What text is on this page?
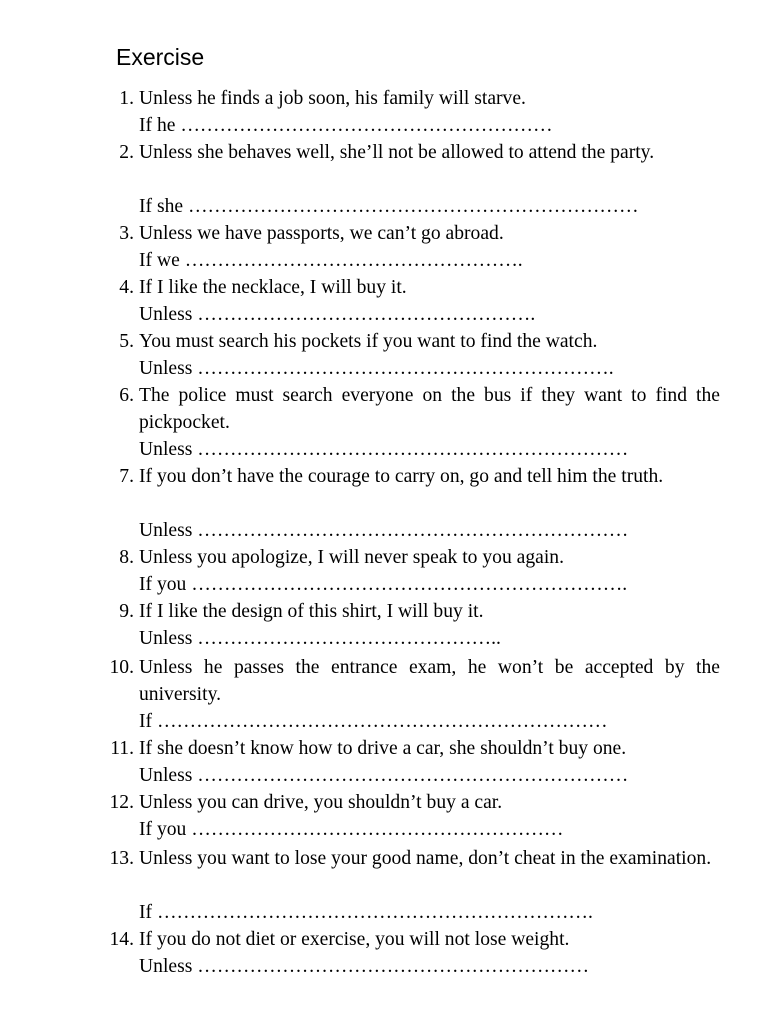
Exercise
1. Unless he finds a job soon, his family will starve.
If he …………………………………………………
2. Unless she behaves well, she’ll not be allowed to attend the party.
If she ……………………………………………………………
3. Unless we have passports, we can’t go abroad.
If we …………………………………………….
4. If I like the necklace, I will buy it.
Unless …………………………………………….
5. You must search his pockets if you want to find the watch.
Unless ……………………………………………………….
6. The police must search everyone on the bus if they want to find the pickpocket.
Unless …………………………………………………………
7. If you don’t have the courage to carry on, go and tell him the truth.
Unless …………………………………………………………
8. Unless you apologize, I will never speak to you again.
If you ………………………………………………………….
9. If I like the design of this shirt, I will buy it.
Unless ………………………………………..
10. Unless he passes the entrance exam, he won’t be accepted by the university.
If ……………………………………………………………
11. If she doesn’t know how to drive a car, she shouldn’t buy one.
Unless …………………………………………………………
12. Unless you can drive, you shouldn’t buy a car.
If you …………………………………………………
13. Unless you want to lose your good name, don’t cheat in the examination.
If ………………………………………………………….
14. If you do not diet or exercise, you will not lose weight.
Unless ……………………………………………………
